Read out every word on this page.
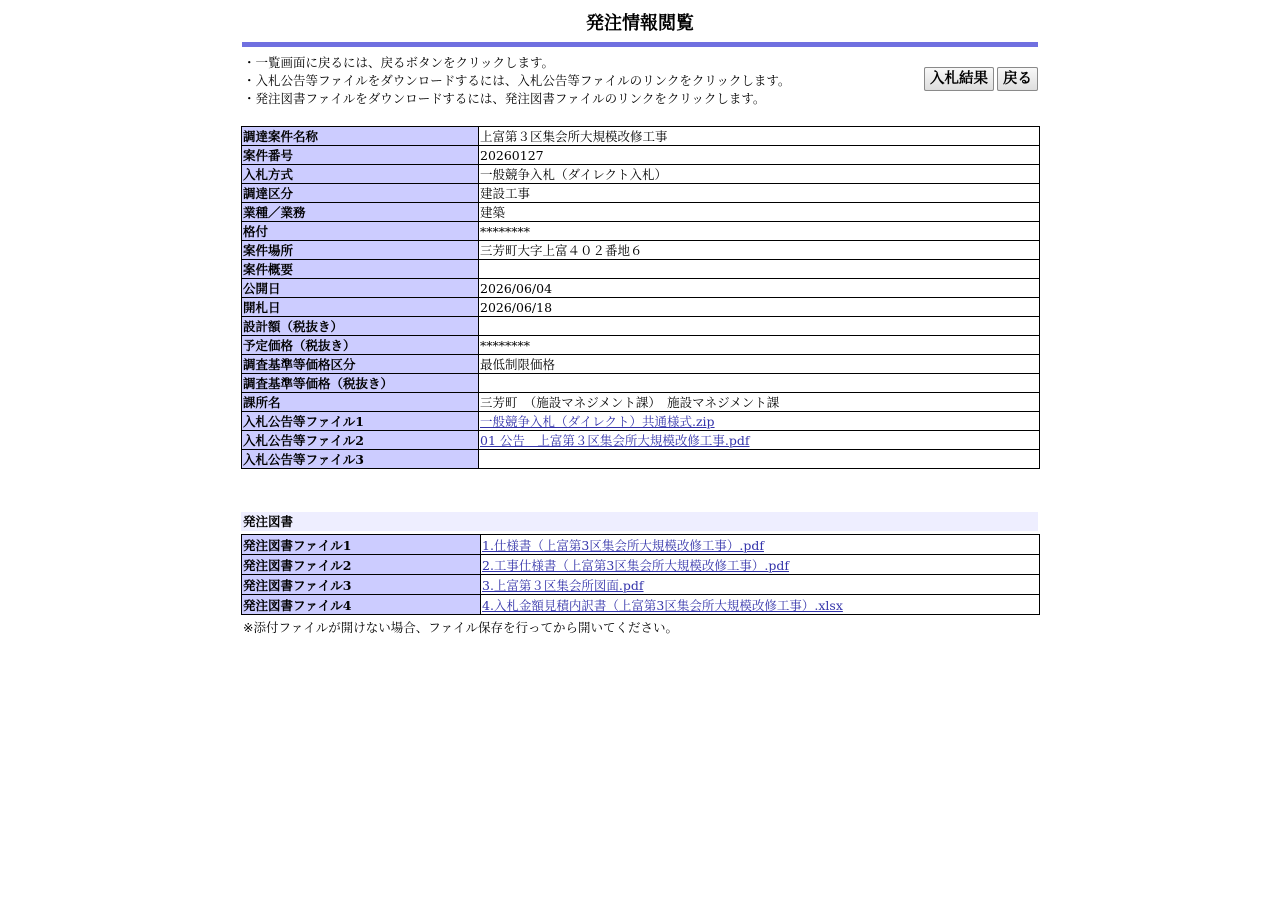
発注情報閲覧
・一覧画面に戻るには、戻るボタンをクリックします。
・入札公告等ファイルをダウンロードするには、入札公告等ファイルのリンクをクリックします。
・発注図書ファイルをダウンロードするには、発注図書ファイルのリンクをクリックします。
入札結果	戻る
調達案件名称	上富第３区集会所大規模改修工事
案件番号	20260127
入札方式	一般競争入札（ダイレクト入札）
調達区分	建設工事
業種／業務	建築
格付	********
案件場所	三芳町大字上富４０２番地６
案件概要	
公開日	2026/06/04
開札日	2026/06/18
設計額（税抜き）	
予定価格（税抜き）	********
調査基準等価格区分	最低制限価格
調査基準等価格（税抜き）	
課所名	三芳町　（施設マネジメント課）　施設マネジメント課
入札公告等ファイル1	一般競争入札（ダイレクト）共通様式.zip
入札公告等ファイル2	01 公告　上富第３区集会所大規模改修工事.pdf
入札公告等ファイル3	
発注図書
発注図書ファイル1	1.仕様書（上富第3区集会所大規模改修工事）.pdf
発注図書ファイル2	2.工事仕様書（上富第3区集会所大規模改修工事）.pdf
発注図書ファイル3	3.上富第３区集会所図面.pdf
発注図書ファイル4	4.入札金額見積内訳書（上富第3区集会所大規模改修工事）.xlsx
※添付ファイルが開けない場合、ファイル保存を行ってから開いてください。
